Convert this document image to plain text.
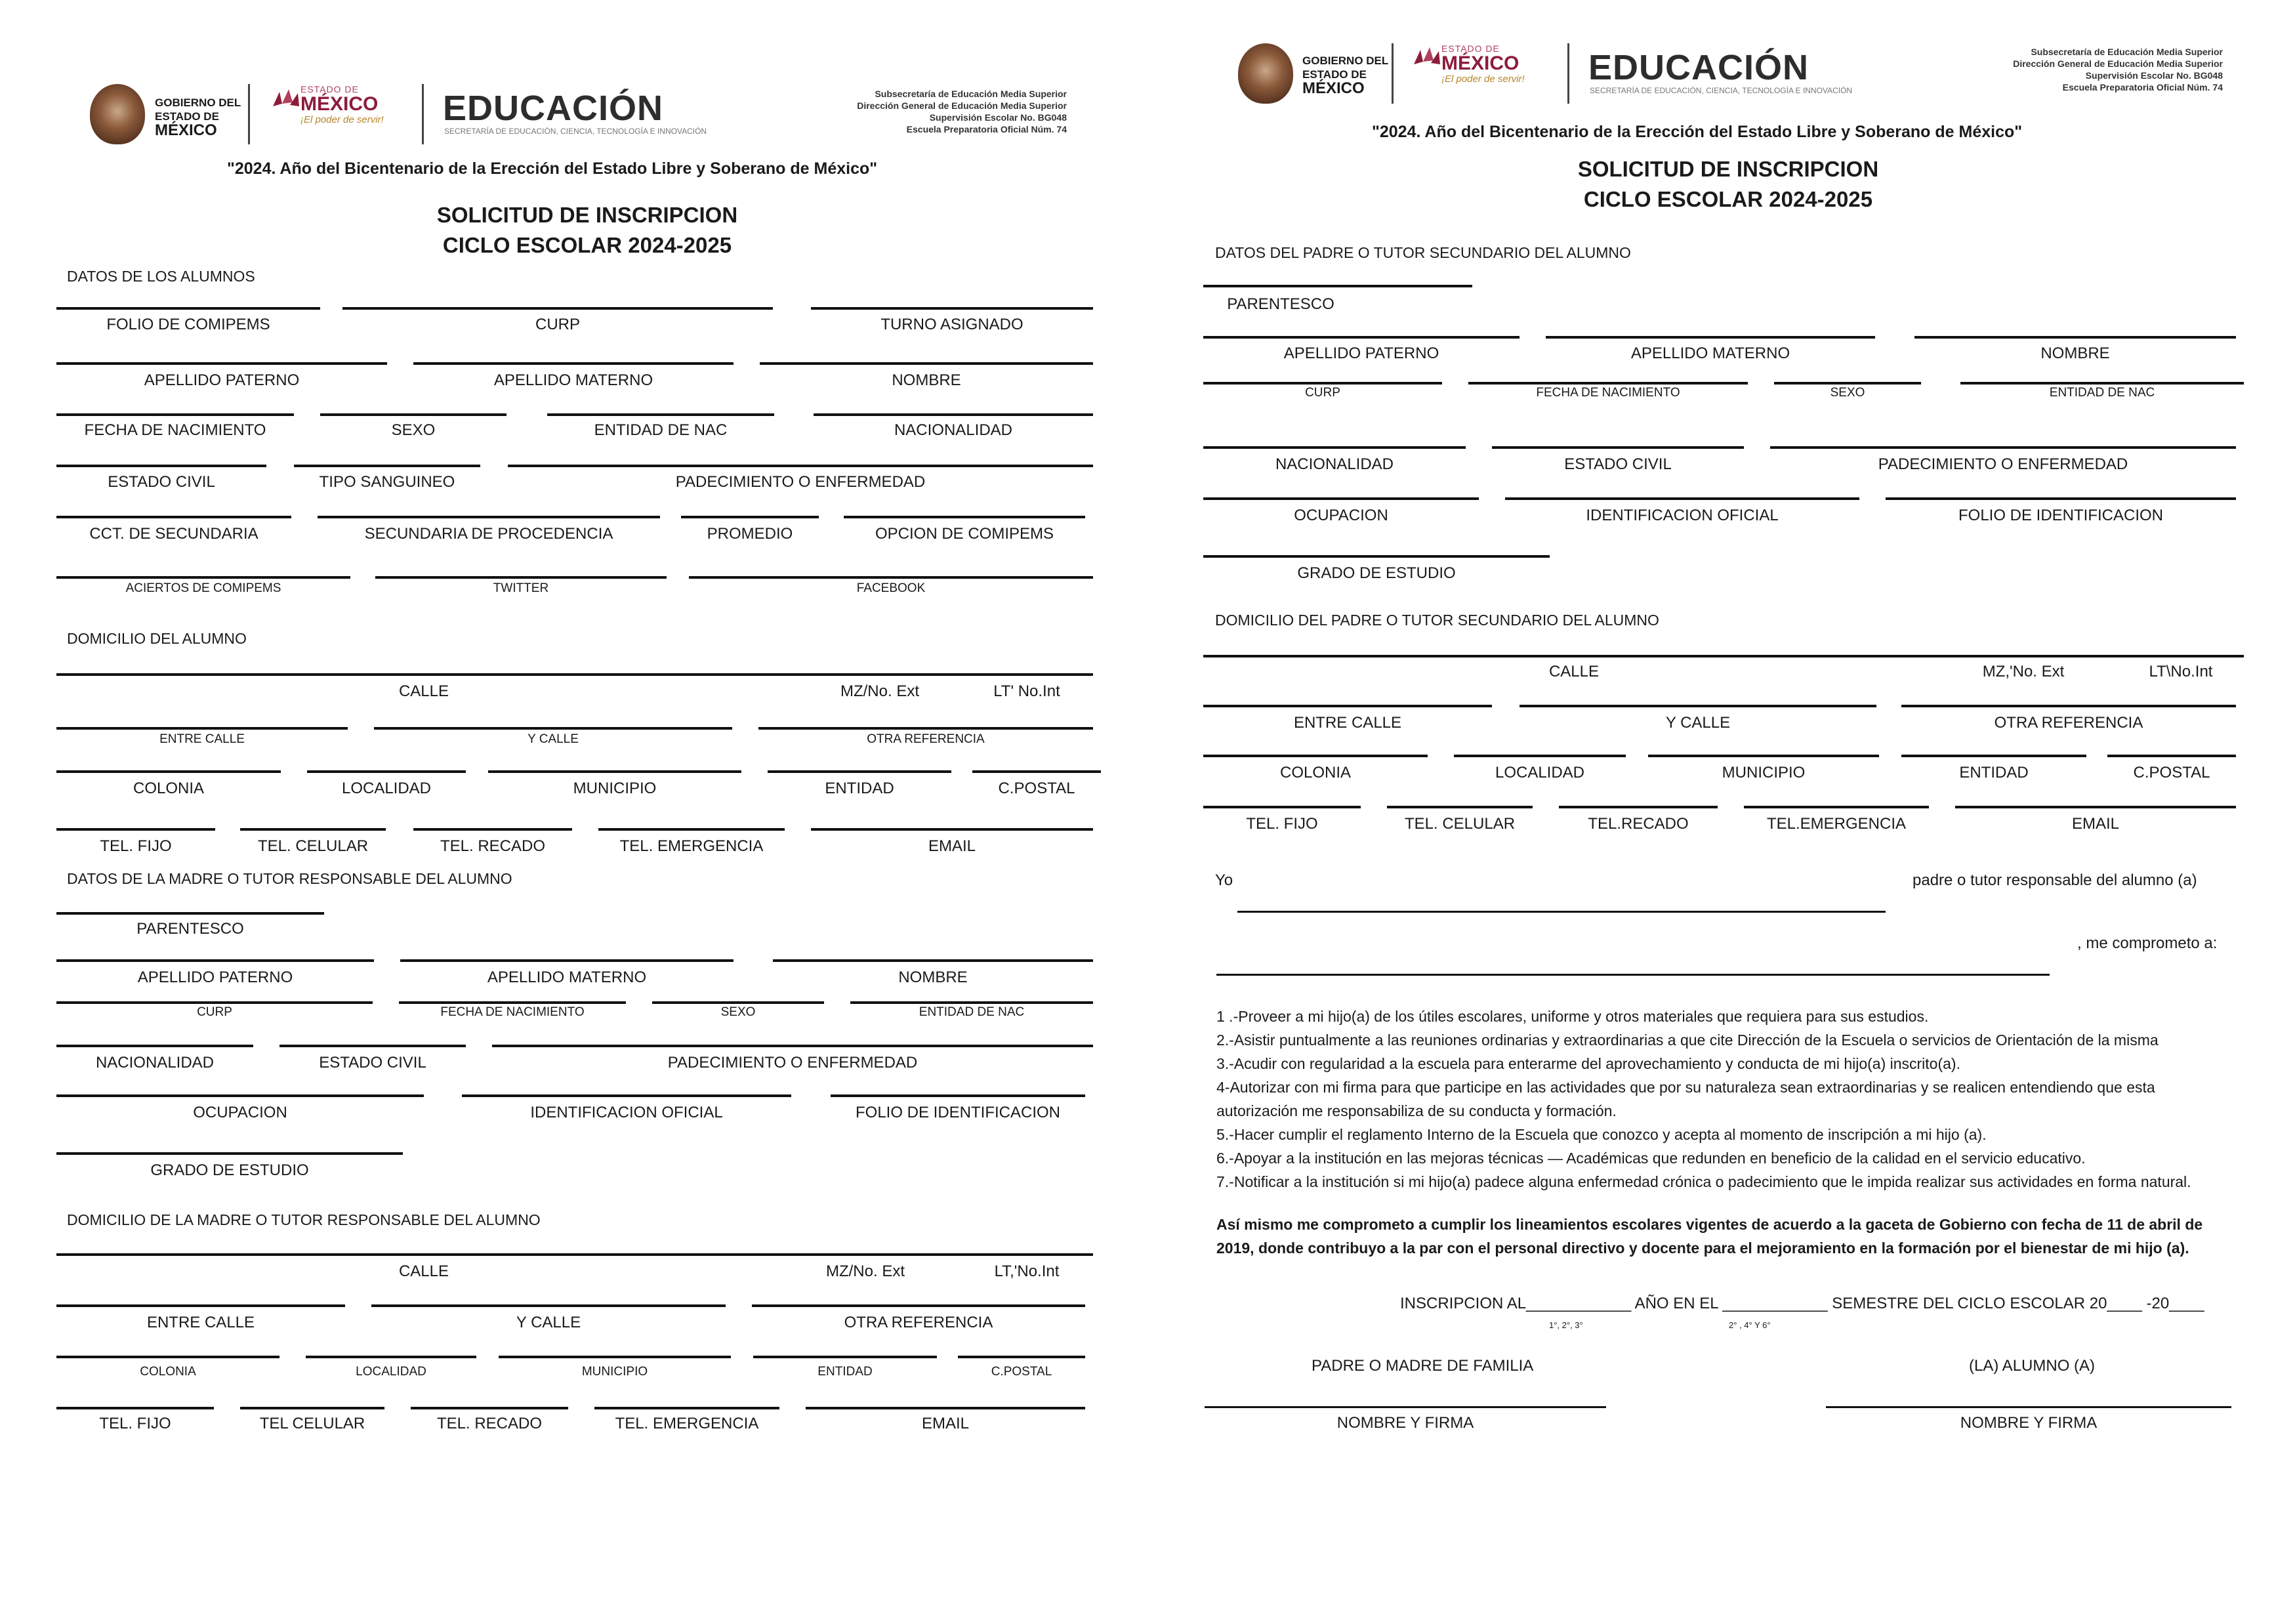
GOBIERNO DEL
ESTADO DE
MÉXICO
ESTADO DE
MÉXICO
¡El poder de servir! EDUCACIÓN
SECRETARÍA DE EDUCACIÓN, CIENCIA, TECNOLOGÍA E INNOVACIÓN
Subsecretaría de Educación Media Superior
Dirección General de Educación Media Superior
Supervisión Escolar No. BG048
Escuela Preparatoria Oficial Núm. 74
"2024. Año del Bicentenario de la Erección del Estado Libre y Soberano de México"
SOLICITUD DE INSCRIPCION
CICLO ESCOLAR 2024-2025
DATOS DE LOS ALUMNOS
FOLIO DE COMIPEMS	CURP	TURNO ASIGNADO
APELLIDO PATERNO	APELLIDO MATERNO	NOMBRE
FECHA DE NACIMIENTO	SEXO	ENTIDAD DE NAC	NACIONALIDAD
ESTADO CIVIL	TIPO SANGUINEO	PADECIMIENTO O ENFERMEDAD
CCT. DE SECUNDARIA	SECUNDARIA DE PROCEDENCIA	PROMEDIO	OPCION DE COMIPEMS
ACIERTOS DE COMIPEMS	TWITTER	FACEBOOK
DOMICILIO DEL ALUMNO
CALLE	MZ/No. Ext	LT' No.Int
ENTRE CALLE	Y CALLE	OTRA REFERENCIA
COLONIA	LOCALIDAD	MUNICIPIO	ENTIDAD	C.POSTAL
TEL. FIJO	TEL. CELULAR	TEL. RECADO	TEL. EMERGENCIA	EMAIL
DATOS DE LA MADRE O TUTOR RESPONSABLE DEL ALUMNO
PARENTESCO
APELLIDO PATERNO	APELLIDO MATERNO	NOMBRE
CURP	FECHA DE NACIMIENTO	SEXO	ENTIDAD DE NAC
NACIONALIDAD	ESTADO CIVIL	PADECIMIENTO O ENFERMEDAD
OCUPACION	IDENTIFICACION OFICIAL	FOLIO DE IDENTIFICACION
GRADO DE ESTUDIO
DOMICILIO DE LA MADRE O TUTOR RESPONSABLE DEL ALUMNO
CALLE	MZ/No. Ext	LT,'No.Int
ENTRE CALLE	Y CALLE	OTRA REFERENCIA
COLONIA	LOCALIDAD	MUNICIPIO	ENTIDAD	C.POSTAL
TEL. FIJO	TEL CELULAR	TEL. RECADO	TEL. EMERGENCIA	EMAIL
GOBIERNO DEL
ESTADO DE
MÉXICO
ESTADO DE
MÉXICO
¡El poder de servir! EDUCACIÓN
SECRETARÍA DE EDUCACIÓN, CIENCIA, TECNOLOGÍA E INNOVACIÓN
Subsecretaría de Educación Media Superior
Dirección General de Educación Media Superior
Supervisión Escolar No. BG048
Escuela Preparatoria Oficial Núm. 74
"2024. Año del Bicentenario de la Erección del Estado Libre y Soberano de México"
SOLICITUD DE INSCRIPCION
CICLO ESCOLAR 2024-2025
DATOS DEL PADRE O TUTOR SECUNDARIO DEL ALUMNO
PARENTESCO
APELLIDO PATERNO	APELLIDO MATERNO	NOMBRE
CURP	FECHA DE NACIMIENTO	SEXO	ENTIDAD DE NAC
NACIONALIDAD	ESTADO CIVIL	PADECIMIENTO O ENFERMEDAD
OCUPACION	IDENTIFICACION OFICIAL	FOLIO DE IDENTIFICACION
GRADO DE ESTUDIO
DOMICILIO DEL PADRE O TUTOR SECUNDARIO DEL ALUMNO
CALLE	MZ,'No. Ext	LT\No.Int
ENTRE CALLE	Y CALLE	OTRA REFERENCIA
COLONIA	LOCALIDAD	MUNICIPIO	ENTIDAD	C.POSTAL
TEL. FIJO	TEL. CELULAR	TEL.RECADO	TEL.EMERGENCIA	EMAIL
Yo	padre o tutor responsable del alumno (a)
, me comprometo a:

1 .-Proveer a mi hijo(a) de los útiles escolares, uniforme y otros materiales que requiera para sus estudios.

2.-Asistir puntualmente a las reuniones ordinarias y extraordinarias a que cite Dirección de la Escuela o servicios de Orientación de la misma

3.-Acudir con regularidad a la escuela para enterarme del aprovechamiento y conducta de mi hijo(a) inscrito(a).

4-Autorizar con mi firma para que participe en las actividades que por su naturaleza sean extraordinarias y se realicen entendiendo que esta

autorización me responsabiliza de su conducta y formación.

5.-Hacer cumplir el reglamento Interno de la Escuela que conozco y acepta al momento de inscripción a mi hijo (a).

6.-Apoyar a la institución en las mejoras técnicas — Académicas que redunden en beneficio de la calidad en el servicio educativo.

7.-Notificar a la institución si mi hijo(a) padece alguna enfermedad crónica o padecimiento que le impida realizar sus actividades en forma natural.

Así mismo me comprometo a cumplir los lineamientos escolares vigentes de acuerdo a la gaceta de Gobierno con fecha de 11 de abril de

2019, donde contribuyo a la par con el personal directivo y docente para el mejoramiento en la formación por el bienestar de mi hijo (a).

INSCRIPCION AL____________ AÑO EN EL ____________ SEMESTRE DEL CICLO ESCOLAR 20____ -20____
1°, 2°, 3°	2° , 4° Y 6°
PADRE O MADRE DE FAMILIA	(LA) ALUMNO (A)
NOMBRE Y FIRMA	NOMBRE Y FIRMA
